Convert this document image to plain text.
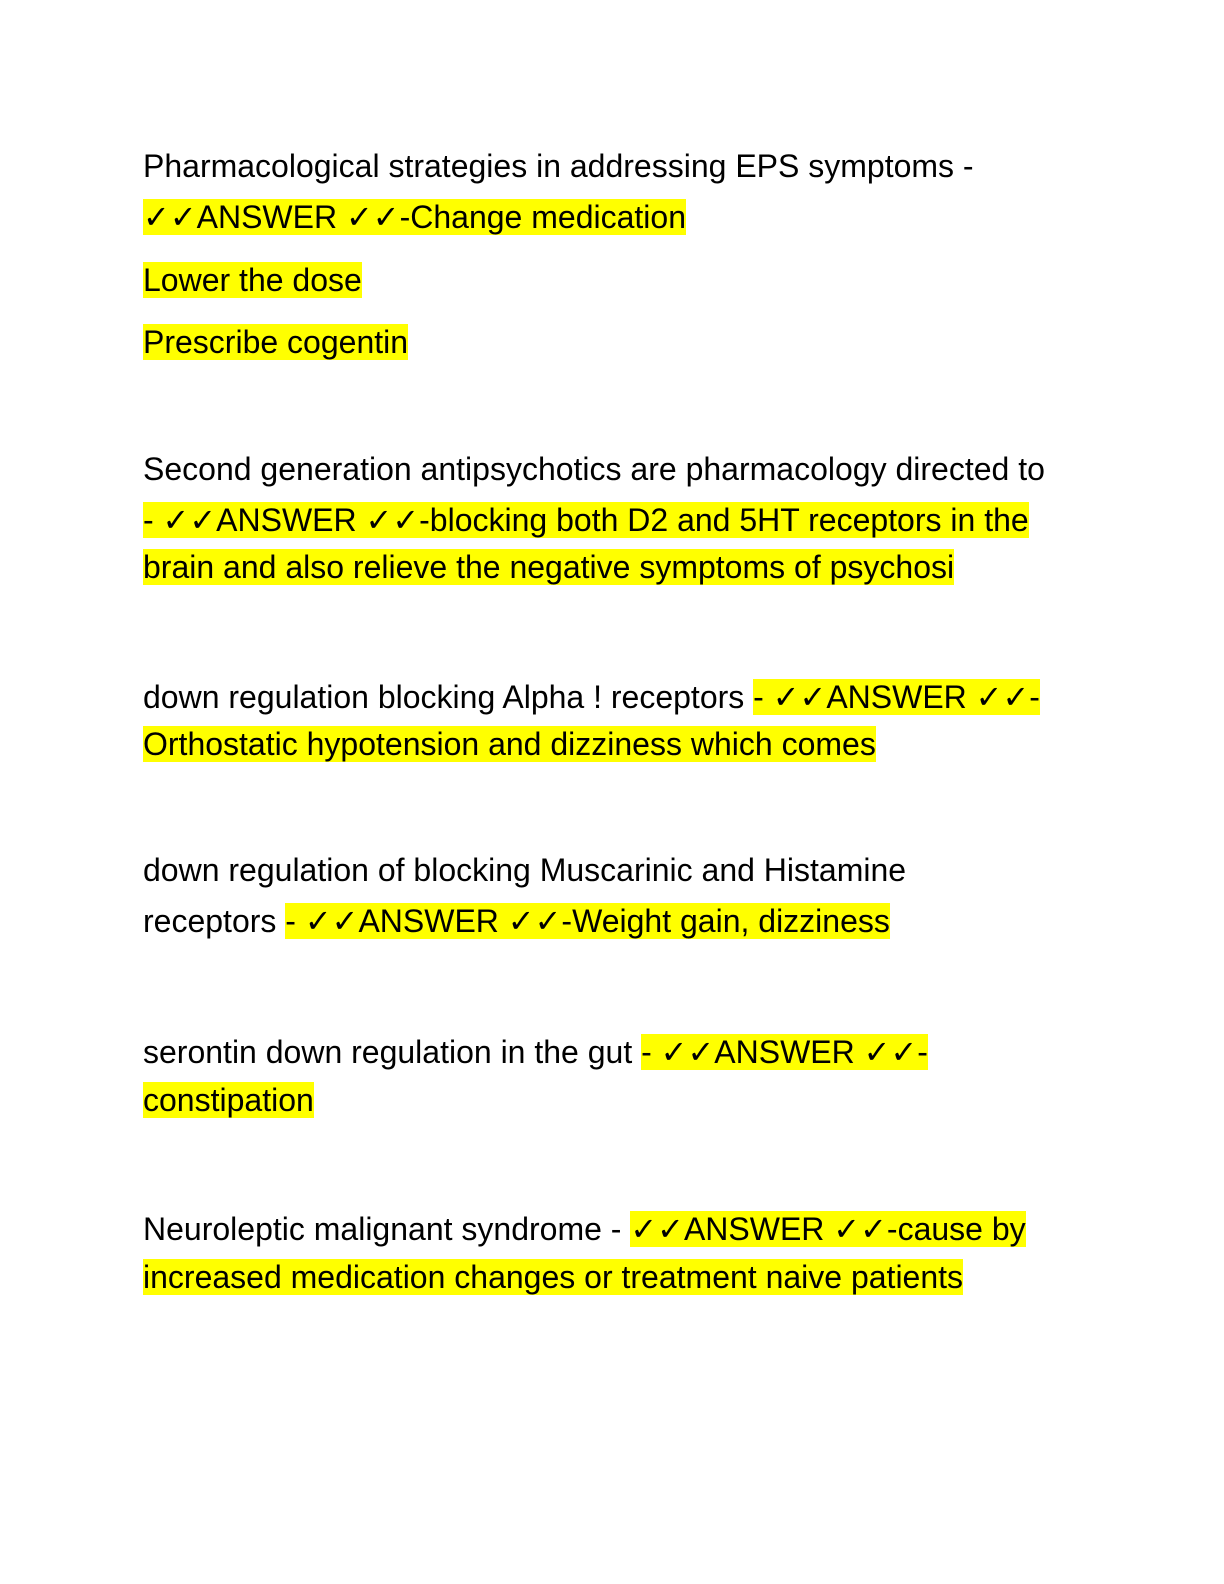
Pharmacological strategies in addressing EPS symptoms -
✓✓ANSWER ✓✓-Change medication
Lower the dose
Prescribe cogentin
Second generation antipsychotics are pharmacology directed to
- ✓✓ANSWER ✓✓-blocking both D2 and 5HT receptors in the
brain and also relieve the negative symptoms of psychosi
down regulation blocking Alpha ! receptors - ✓✓ANSWER ✓✓-
Orthostatic hypotension and dizziness which comes
down regulation of blocking Muscarinic and Histamine
receptors - ✓✓ANSWER ✓✓-Weight gain, dizziness
serontin down regulation in the gut - ✓✓ANSWER ✓✓-
constipation
Neuroleptic malignant syndrome - ✓✓ANSWER ✓✓-cause by
increased medication changes or treatment naive patients
